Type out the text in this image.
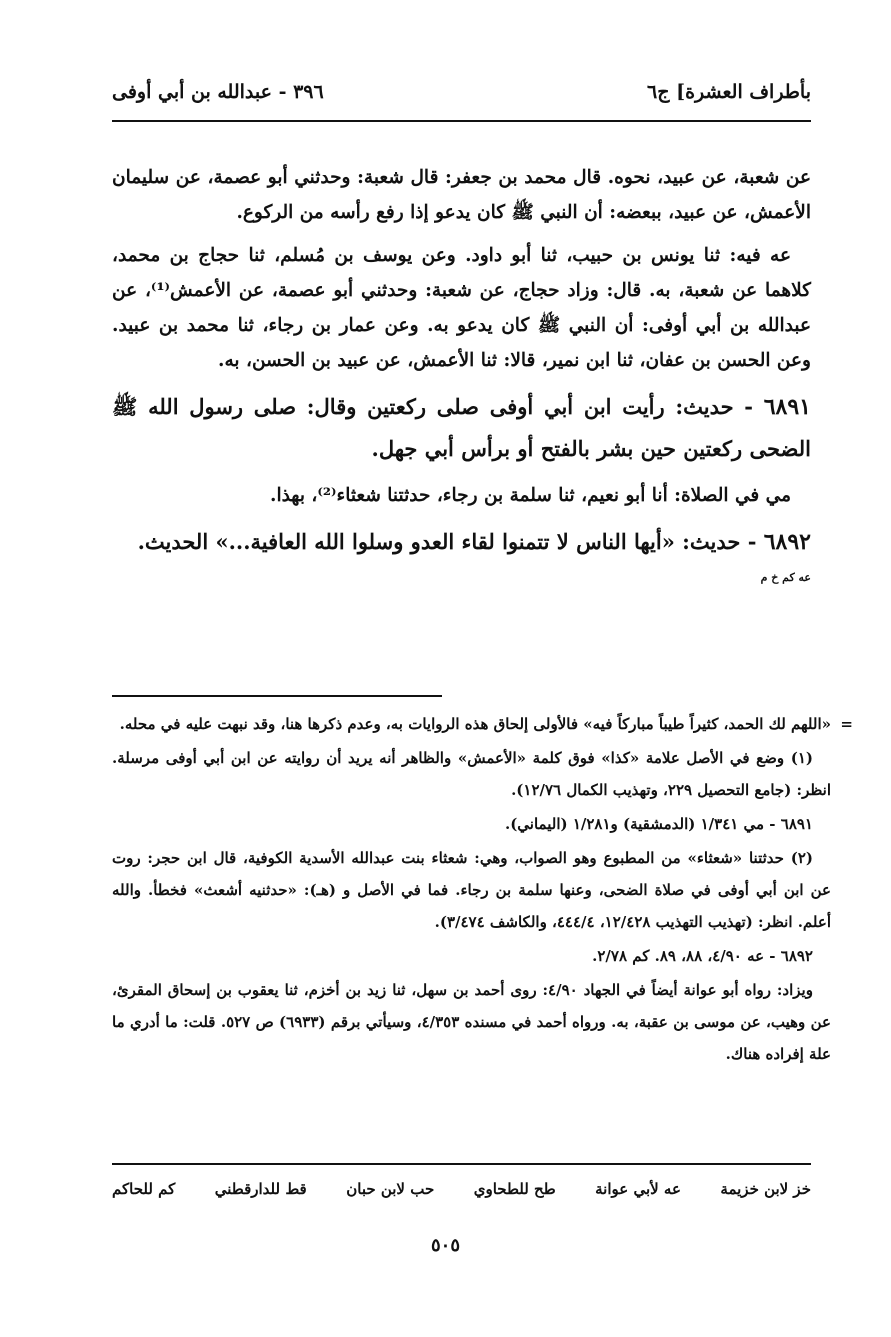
بأطراف العشرة] ج٦
٣٩٦ - عبدالله بن أبي أوفى

عن شعبة، عن عبيد، نحوه. قال محمد بن جعفر: قال شعبة: وحدثني أبو عصمة، عن سليمان الأعمش، عن عبيد، ببعضه: أن النبي ﷺ كان يدعو إذا رفع رأسه من الركوع.

عه فيه: ثنا يونس بن حبيب، ثنا أبو داود. وعن يوسف بن مُسلم، ثنا حجاج بن محمد، كلاهما عن شعبة، به. قال: وزاد حجاج، عن شعبة: وحدثني أبو عصمة، عن الأعمش⁽¹⁾، عن عبدالله بن أبي أوفى: أن النبي ﷺ كان يدعو به. وعن عمار بن رجاء، ثنا محمد بن عبيد. وعن الحسن بن عفان، ثنا ابن نمير، قالا: ثنا الأعمش، عن عبيد بن الحسن، به.

٦٨٩١ - حديث: رأيت ابن أبي أوفى صلى ركعتين وقال: صلى رسول الله ﷺ الضحى ركعتين حين بشر بالفتح أو برأس أبي جهل.

مي في الصلاة: أنا أبو نعيم، ثنا سلمة بن رجاء، حدثتنا شعثاء⁽²⁾، بهذا.

٦٨٩٢ - حديث: «أيها الناس لا تتمنوا لقاء العدو وسلوا الله العافية...» الحديث.

عه كم خ م

=
«اللهم لك الحمد، كثيراً طيباً مباركاً فيه» فالأولى إلحاق هذه الروايات به، وعدم ذكرها هنا، وقد نبهت عليه في محله.

(١) وضع في الأصل علامة «كذا» فوق كلمة «الأعمش» والظاهر أنه يريد أن روايته عن ابن أبي أوفى مرسلة. انظر: (جامع التحصيل ٢٢٩، وتهذيب الكمال ١٢/٧٦).

٦٨٩١ - مي ١/٣٤١ (الدمشقية) و١/٢٨١ (اليماني).

(٢) حدثتنا «شعثاء» من المطبوع وهو الصواب، وهي: شعثاء بنت عبدالله الأسدية الكوفية، قال ابن حجر: روت عن ابن أبي أوفى في صلاة الضحى، وعنها سلمة بن رجاء. فما في الأصل و (هـ): «حدثنيه أشعث» فخطأ. والله أعلم. انظر: (تهذيب التهذيب ١٢/٤٢٨، ٤٤٤/٤، والكاشف ٣/٤٧٤).

٦٨٩٢ - عه ٤/٩٠، ٨٨، ٨٩. كم ٢/٧٨.

ويزاد: رواه أبو عوانة أيضاً في الجهاد ٤/٩٠: روى أحمد بن سهل، ثنا زيد بن أخزم، ثنا يعقوب بن إسحاق المقرئ، عن وهيب، عن موسى بن عقبة، به. ورواه أحمد في مسنده ٤/٣٥٣، وسيأتي برقم (٦٩٣٣) ص ٥٢٧. قلت: ما أدري ما علة إفراده هناك.

خز لابن خزيمة
عه لأبي عوانة
طح للطحاوي
حب لابن حبان
قط للدارقطني
كم للحاكم
٥٠٥
